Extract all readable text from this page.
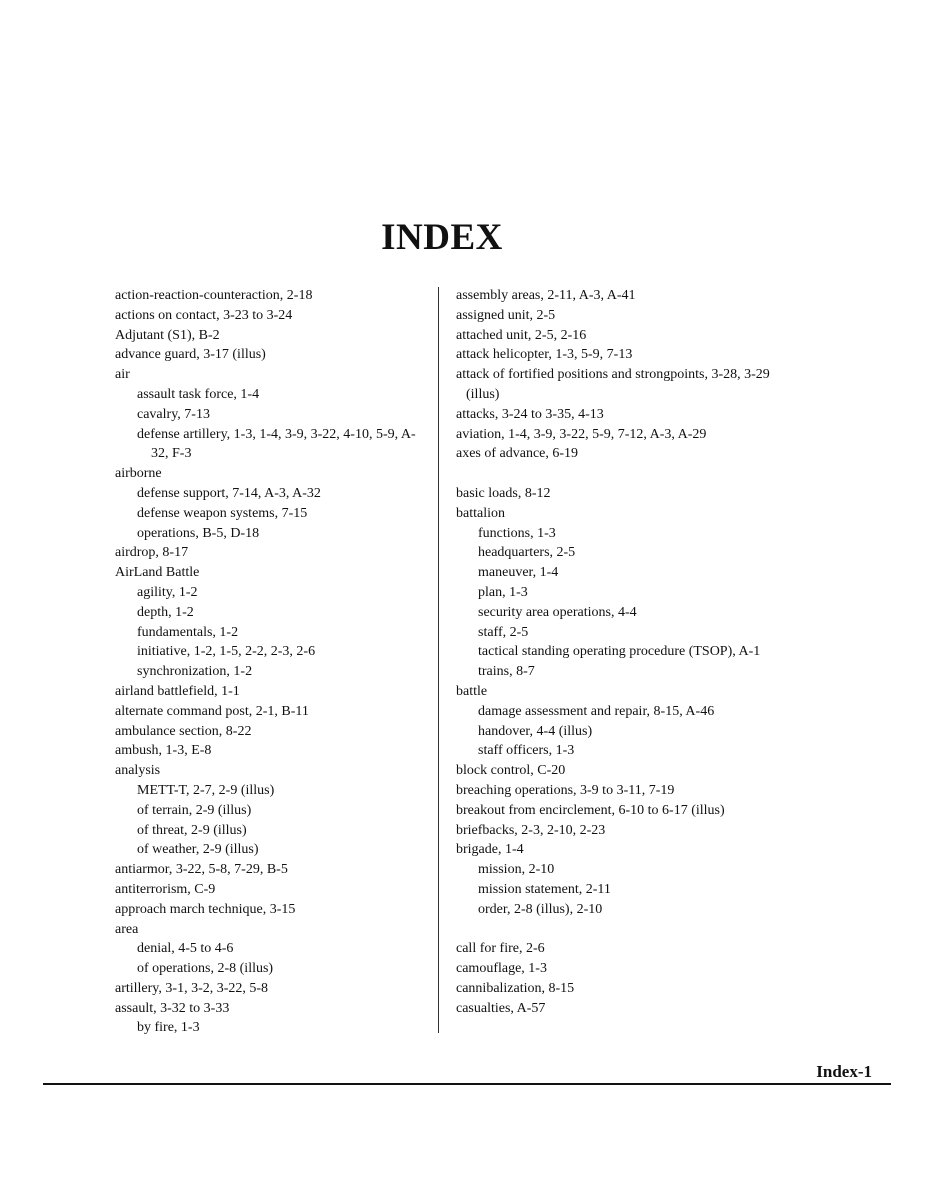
INDEX
action-reaction-counteraction, 2-18
actions on contact, 3-23 to 3-24
Adjutant (S1), B-2
advance guard, 3-17 (illus)
air
assault task force, 1-4
cavalry, 7-13
defense artillery, 1-3, 1-4, 3-9, 3-22, 4-10, 5-9, A-32, F-3
airborne
defense support, 7-14, A-3, A-32
defense weapon systems, 7-15
operations, B-5, D-18
airdrop, 8-17
AirLand Battle
agility, 1-2
depth, 1-2
fundamentals, 1-2
initiative, 1-2, 1-5, 2-2, 2-3, 2-6
synchronization, 1-2
airland battlefield, 1-1
alternate command post, 2-1, B-11
ambulance section, 8-22
ambush, 1-3, E-8
analysis
METT-T, 2-7, 2-9 (illus)
of terrain, 2-9 (illus)
of threat, 2-9 (illus)
of weather, 2-9 (illus)
antiarmor, 3-22, 5-8, 7-29, B-5
antiterrorism, C-9
approach march technique, 3-15
area
denial, 4-5 to 4-6
of operations, 2-8 (illus)
artillery, 3-1, 3-2, 3-22, 5-8
assault, 3-32 to 3-33
by fire, 1-3
assembly areas, 2-11, A-3, A-41
assigned unit, 2-5
attached unit, 2-5, 2-16
attack helicopter, 1-3, 5-9, 7-13
attack of fortified positions and strongpoints, 3-28, 3-29 (illus)
attacks, 3-24 to 3-35, 4-13
aviation, 1-4, 3-9, 3-22, 5-9, 7-12, A-3, A-29
axes of advance, 6-19
basic loads, 8-12
battalion
functions, 1-3
headquarters, 2-5
maneuver, 1-4
plan, 1-3
security area operations, 4-4
staff, 2-5
tactical standing operating procedure (TSOP), A-1
trains, 8-7
battle
damage assessment and repair, 8-15, A-46
handover, 4-4 (illus)
staff officers, 1-3
block control, C-20
breaching operations, 3-9 to 3-11, 7-19
breakout from encirclement, 6-10 to 6-17 (illus)
briefbacks, 2-3, 2-10, 2-23
brigade, 1-4
mission, 2-10
mission statement, 2-11
order, 2-8 (illus), 2-10
call for fire, 2-6
camouflage, 1-3
cannibalization, 8-15
casualties, A-57
Index-1
